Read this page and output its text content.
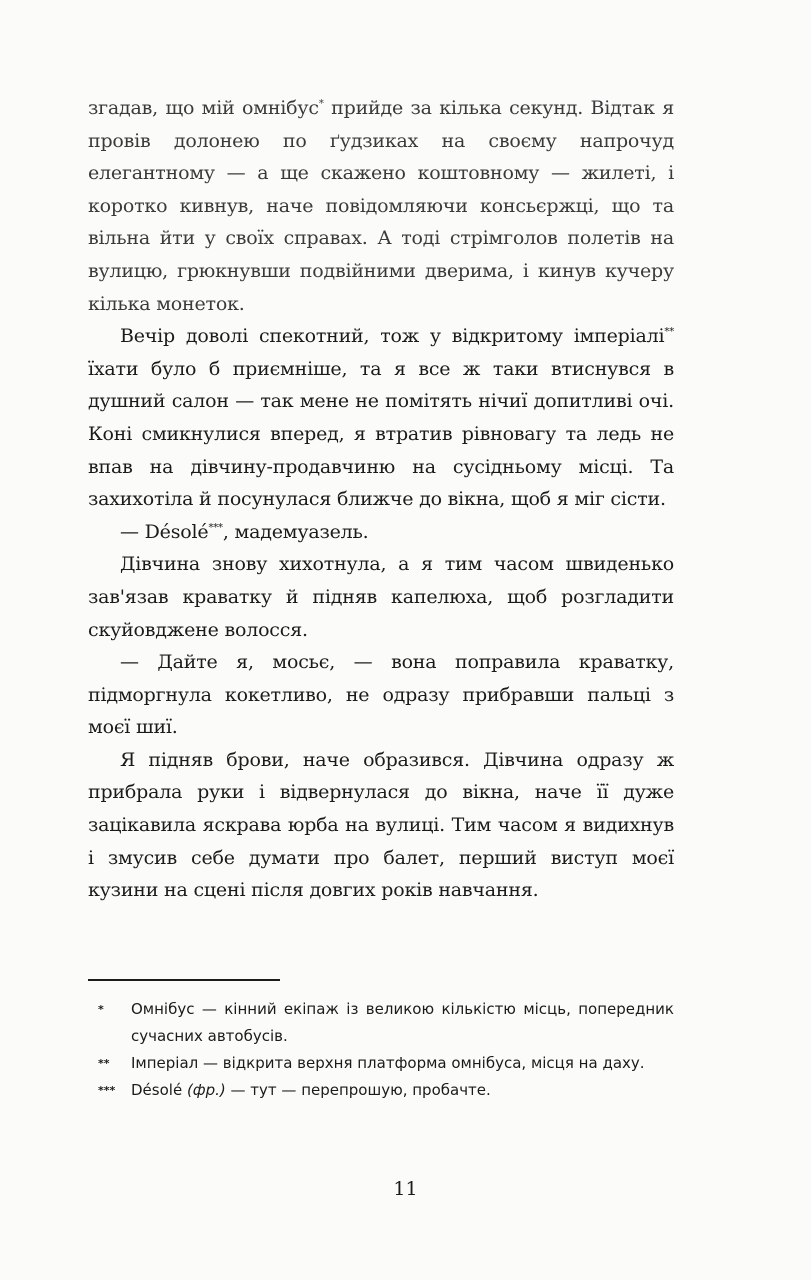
згадав, що мій омнібус* прийде за кілька секунд. Відтак я провів долонею по ґудзиках на своєму напрочуд елегантному — а ще скажено коштовному — жилеті, і коротко кивнув, наче повідомляючи консьєржці, що та вільна йти у своїх справах. А тоді стрімголов полетів на вулицю, грюкнувши подвійними дверима, і кинув кучеру кілька монеток.

Вечір доволі спекотний, тож у відкритому імперіалі** їхати було б приємніше, та я все ж таки втиснувся в душний салон — так мене не помітять нічиї допитливі очі. Коні смикнулися вперед, я втратив рівновагу та ледь не впав на дівчину-продавчиню на сусідньому місці. Та захихотіла й посунулася ближче до вікна, щоб я міг сісти.

— Désolé***, мадемуазель.

Дівчина знову хихотнула, а я тим часом швиденько зав'язав краватку й підняв капелюха, щоб розгладити скуйовджене волосся.

— Дайте я, мосьє, — вона поправила краватку, підморгнула кокетливо, не одразу прибравши пальці з моєї шиї.

Я підняв брови, наче образився. Дівчина одразу ж прибрала руки і відвернулася до вікна, наче її дуже зацікавила яскрава юрба на вулиці. Тим часом я видихнув і змусив себе думати про балет, перший виступ моєї кузини на сцені після довгих років навчання.

* Омнібус — кінний екіпаж із великою кількістю місць, попередник сучасних автобусів.
** Імперіал — відкрита верхня платформа омнібуса, місця на даху.
*** Désolé (фр.) — тут — перепрошую, пробачте.
11
